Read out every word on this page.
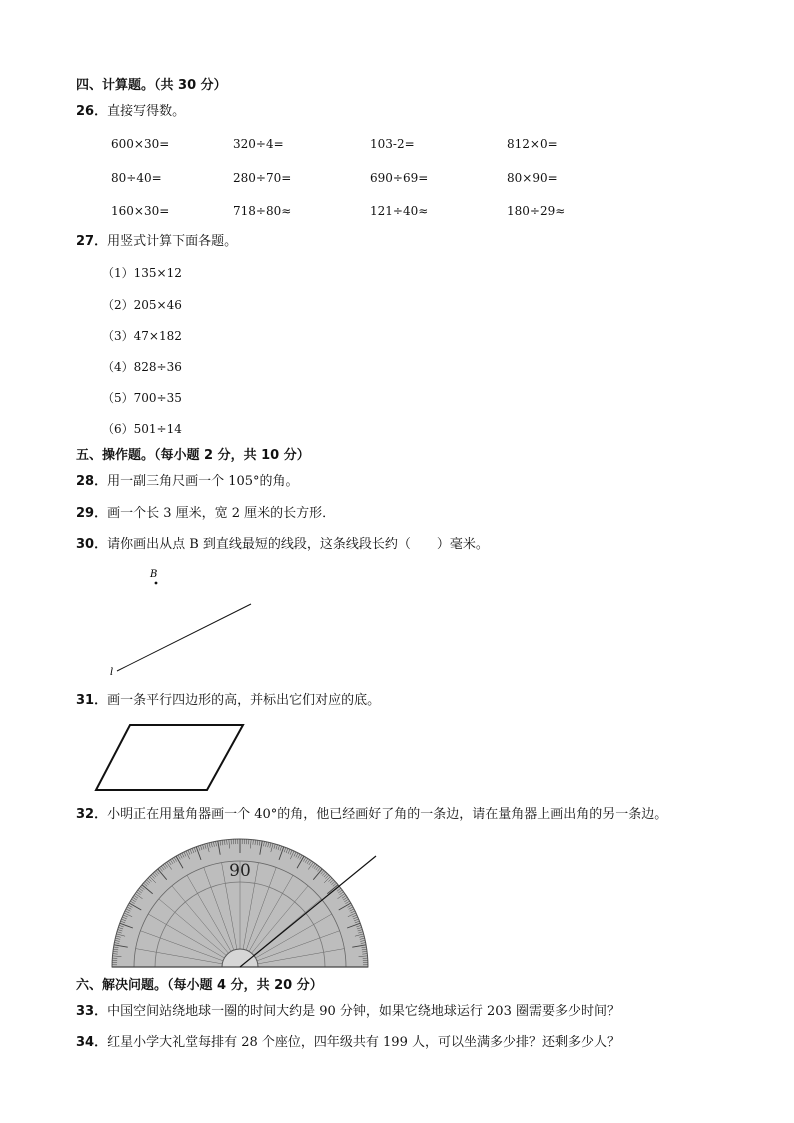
四、计算题。（共 30 分）
26．直接写得数。
600×30=	320÷4=	103-2=	812×0=
80÷40=	280÷70=	690÷69=	80×90=
160×30=	718÷80≈	121÷40≈	180÷29≈
27．用竖式计算下面各题。
（1）135×12
（2）205×46
（3）47×182
（4）828÷36
（5）700÷35
（6）501÷14
五、操作题。（每小题 2 分，共 10 分）
28．用一副三角尺画一个 105°的角。
29．画一个长 3 厘米，宽 2 厘米的长方形．
30．请你画出从点 B 到直线最短的线段，这条线段长约（　　）毫米。
B
l
31．画一条平行四边形的高，并标出它们对应的底。
32．小明正在用量角器画一个 40°的角，他已经画好了角的一条边，请在量角器上画出角的另一条边。
90
六、解决问题。（每小题 4 分，共 20 分）
33．中国空间站绕地球一圈的时间大约是 90 分钟，如果它绕地球运行 203 圈需要多少时间？
34．红星小学大礼堂每排有 28 个座位，四年级共有 199 人，可以坐满多少排？还剩多少人？
